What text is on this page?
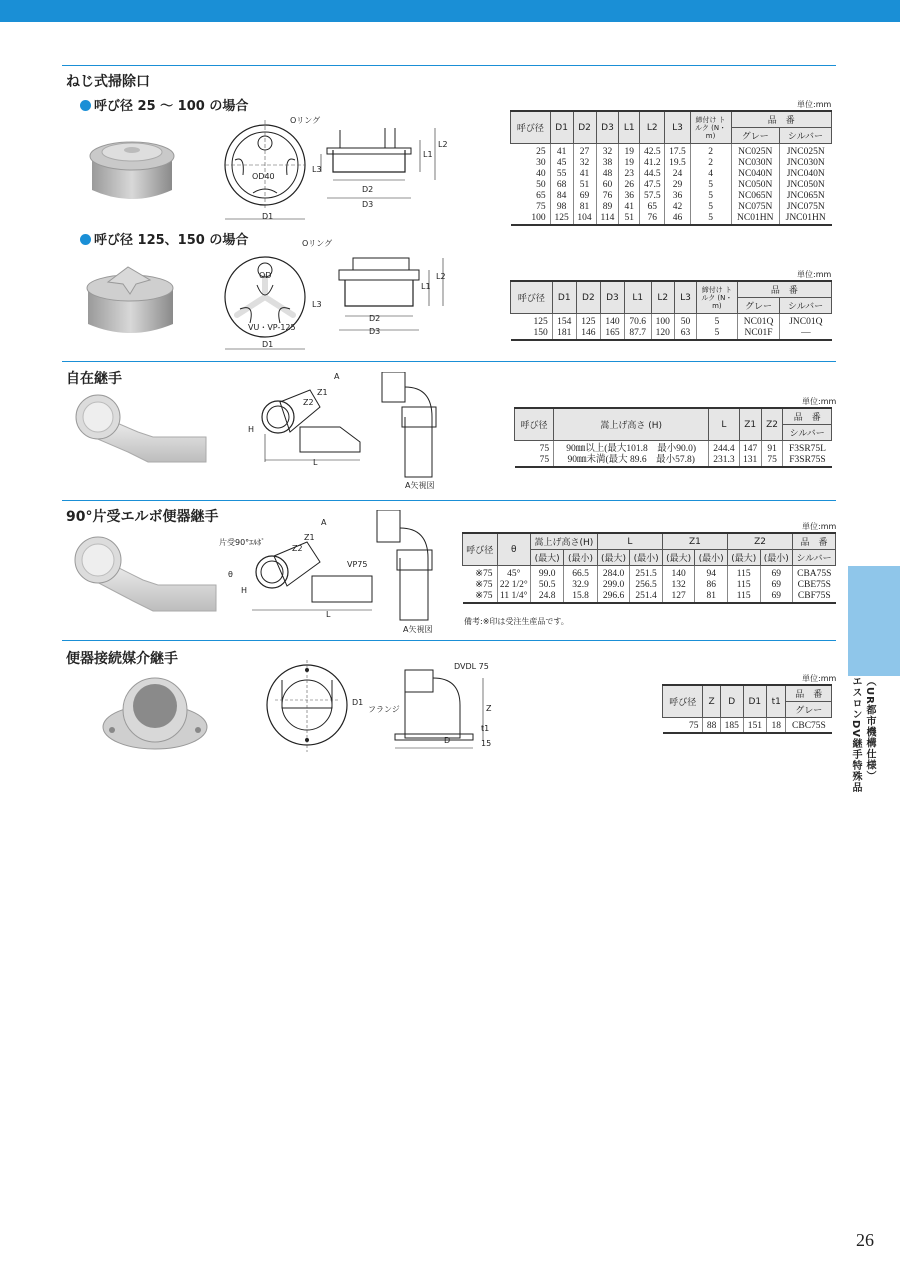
ねじ式掃除口
呼び径 25 ～ 100 の場合
Oリング
OD40
D1
D2
D3
L1
L2
L3
単位:mm
呼び径	D1	D2	D3	L1	L2	L3	締付け トルク (N・m)	品　番	
								グレー	シルバー
25	41	27	32	19	42.5	17.5	2	NC025N	JNC025N
30	45	32	38	19	41.2	19.5	2	NC030N	JNC030N
40	55	41	48	23	44.5	24	4	NC040N	JNC040N
50	68	51	60	26	47.5	29	5	NC050N	JNC050N
65	84	69	76	36	57.5	36	5	NC065N	JNC065N
75	98	81	89	41	65	42	5	NC075N	JNC075N
100	125	104	114	51	76	46	5	NC01HN	JNC01HN
呼び径 125、150 の場合
OD
VU・VP-125
D1
Oリング
D2
D3
L1
L2
L3
単位:mm
呼び径	D1	D2	D3	L1	L2	L3	締付け トルク (N・m)	品　番	
								グレー	シルバー
125	154	125	140	70.6	100	50	5	NC01Q	JNC01Q
150	181	146	165	87.7	120	63	5	NC01F	—
自在継手	A
H
L
Z1
Z2
A矢視図
単位:mm
呼び径	嵩上げ高さ (H)	L	Z1	Z2	品　番
					シルバー
75	90㎜以上(最大101.8　最小90.0)	244.4	147	91	F3SR75L
75	90㎜未満(最大 89.6　最小57.8)	231.3	131	75	F3SR75S
90°片受エルボ便器継手	A
片受90°ｴﾙﾎﾞ
VP75
H
θ
L
Z1
Z2
A矢視図
単位:mm
呼び径	θ	嵩上げ高さ(H)		L		Z1		Z2		品　番
		(最大)	(最小)	(最大)	(最小)	(最大)	(最小)	(最大)	(最小)	シルバー
※75	45°	99.0	66.5	284.0	251.5	140	94	115	69	CBA75S
※75	22 1/2°	50.5	32.9	299.0	256.5	132	86	115	69	CBE75S
※75	11 1/4°	24.8	15.8	296.6	251.4	127	81	115	69	CBF75S
備考:※印は受注生産品です。
便器接続媒介継手	DVDL 75
フランジ
D
D1
Z
t1
15
単位:mm
呼び径	Z	D	D1	t1	品　番
					グレー
75	88	185	151	18	CBC75S エスロンDV継手特殊品 （UR都市機構仕様）
26
